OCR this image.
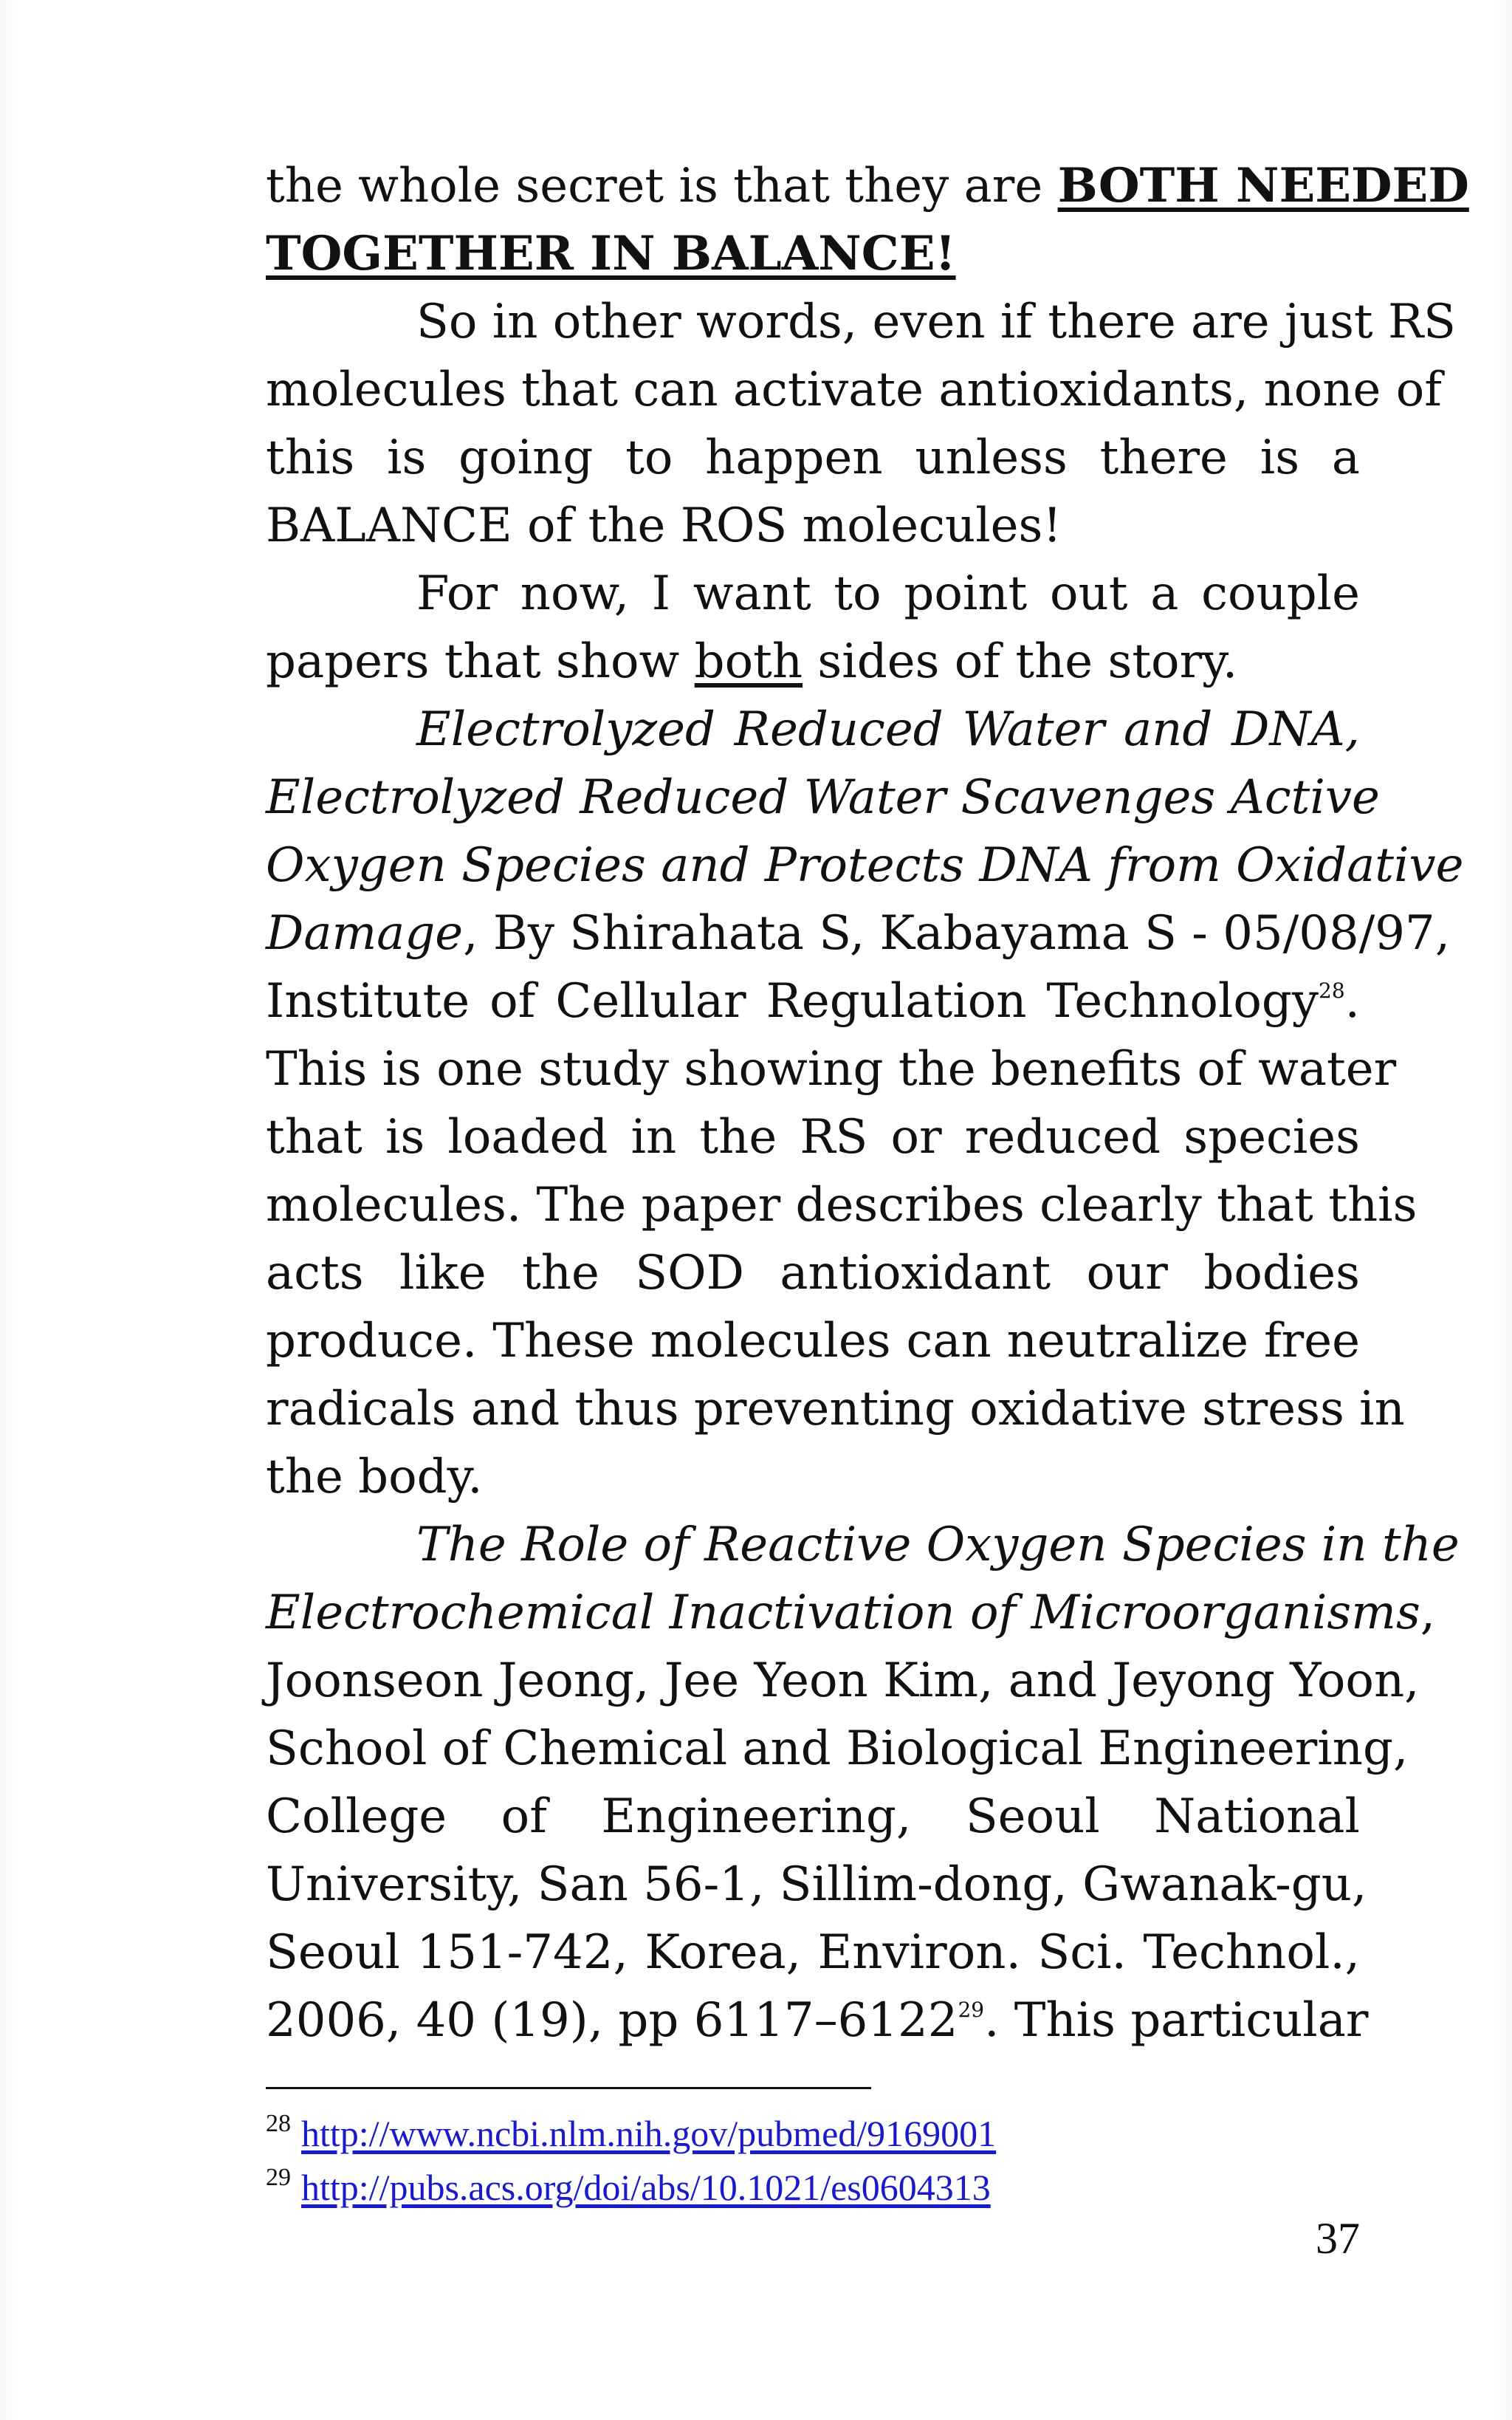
the whole secret is that they are BOTH NEEDED
TOGETHER IN BALANCE!
So in other words, even if there are just RS
molecules that can activate antioxidants, none of
this is going to happen unless there is a
BALANCE of the ROS molecules!
For now, I want to point out a couple
papers that show both sides of the story.
Electrolyzed Reduced Water and DNA,
Electrolyzed Reduced Water Scavenges Active
Oxygen Species and Protects DNA from Oxidative
Damage, By Shirahata S, Kabayama S - 05/08/97,
Institute of Cellular Regulation Technology$^{28}$.
This is one study showing the benefits of water
that is loaded in the RS or reduced species
molecules. The paper describes clearly that this
acts like the SOD antioxidant our bodies
produce. These molecules can neutralize free
radicals and thus preventing oxidative stress in
the body.
The Role of Reactive Oxygen Species in the
Electrochemical Inactivation of Microorganisms,
Joonseon Jeong, Jee Yeon Kim, and Jeyong Yoon,
School of Chemical and Biological Engineering,
College of Engineering, Seoul National
University, San 56-1, Sillim-dong, Gwanak-gu,
Seoul 151-742, Korea, Environ. Sci. Technol.,
2006, 40 (19), pp 6117–6122$^{29}$. This particular
$^{28}$ http://www.ncbi.nlm.nih.gov/pubmed/9169001
$^{29}$ http://pubs.acs.org/doi/abs/10.1021/es0604313
37
